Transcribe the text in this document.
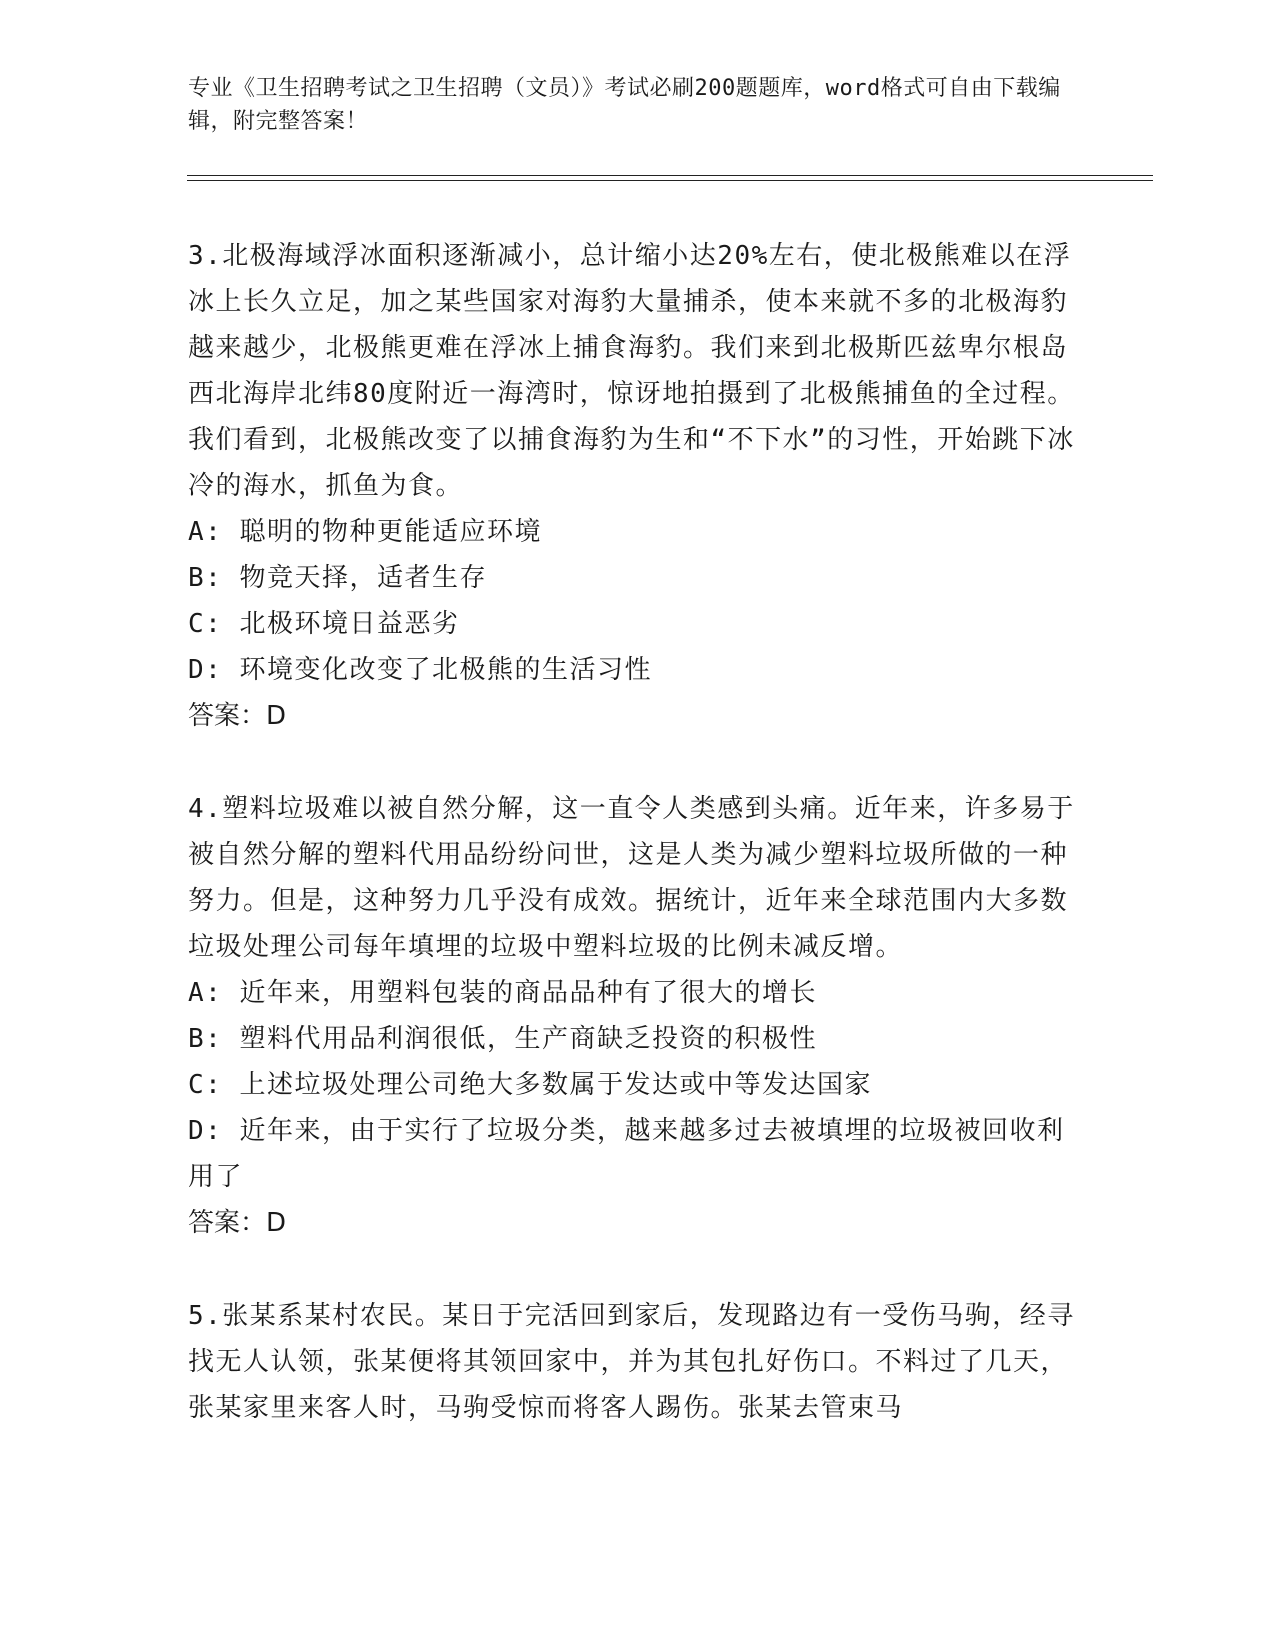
专业《卫生招聘考试之卫生招聘（文员）》考试必刷200题题库，word格式可自由下载编辑，附完整答案！

3.北极海域浮冰面积逐渐减小，总计缩小达20%左右，使北极熊难以在浮冰上长久立足，加之某些国家对海豹大量捕杀，使本来就不多的北极海豹越来越少，北极熊更难在浮冰上捕食海豹。我们来到北极斯匹兹卑尔根岛西北海岸北纬80度附近一海湾时，惊讶地拍摄到了北极熊捕鱼的全过程。我们看到，北极熊改变了以捕食海豹为生和“不下水”的习性，开始跳下冰冷的海水，抓鱼为食。

A: 聪明的物种更能适应环境

B: 物竞天择，适者生存

C: 北极环境日益恶劣

D: 环境变化改变了北极熊的生活习性

答案：D

4.塑料垃圾难以被自然分解，这一直令人类感到头痛。近年来，许多易于被自然分解的塑料代用品纷纷问世，这是人类为减少塑料垃圾所做的一种努力。但是，这种努力几乎没有成效。据统计，近年来全球范围内大多数垃圾处理公司每年填埋的垃圾中塑料垃圾的比例未减反增。

A: 近年来，用塑料包装的商品品种有了很大的增长

B: 塑料代用品利润很低，生产商缺乏投资的积极性

C: 上述垃圾处理公司绝大多数属于发达或中等发达国家

D: 近年来，由于实行了垃圾分类，越来越多过去被填埋的垃圾被回收利用了

答案：D

5.张某系某村农民。某日于完活回到家后，发现路边有一受伤马驹，经寻找无人认领，张某便将其领回家中，并为其包扎好伤口。不料过了几天，张某家里来客人时，马驹受惊而将客人踢伤。张某去管束马
